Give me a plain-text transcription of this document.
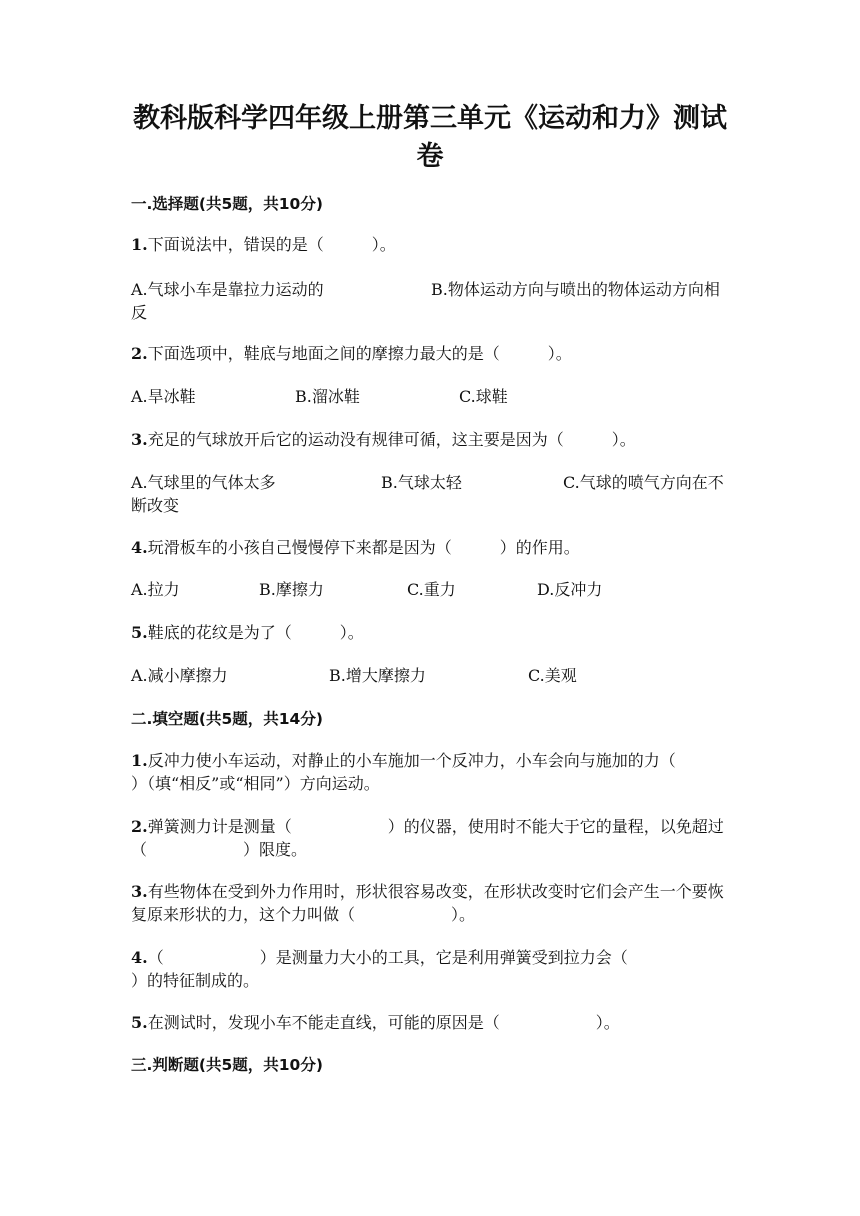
教科版科学四年级上册第三单元《运动和力》测试卷
一.选择题(共5题，共10分)
1.下面说法中，错误的是（　　　）。
A.气球小车是靠拉力运动的	B.物体运动方向与喷出的物体运动方向相反
2.下面选项中，鞋底与地面之间的摩擦力最大的是（　　　）。
A.旱冰鞋	B.溜冰鞋	C.球鞋
3.充足的气球放开后它的运动没有规律可循，这主要是因为（　　　）。
A.气球里的气体太多	B.气球太轻	C.气球的喷气方向在不断改变
4.玩滑板车的小孩自己慢慢停下来都是因为（　　　）的作用。
A.拉力	B.摩擦力	C.重力	D.反冲力
5.鞋底的花纹是为了（　　　）。
A.减小摩擦力	B.增大摩擦力	C.美观
二.填空题(共5题，共14分)
1.反冲力使小车运动，对静止的小车施加一个反冲力，小车会向与施加的力（　　　　　　）（填“相反”或“相同”）方向运动。
2.弹簧测力计是测量（　　　　　　）的仪器，使用时不能大于它的量程，以免超过（　　　　　　）限度。
3.有些物体在受到外力作用时，形状很容易改变，在形状改变时它们会产生一个要恢复原来形状的力，这个力叫做（　　　　　　）。
4.（　　　　　　）是测量力大小的工具，它是利用弹簧受到拉力会（　　　　　　）的特征制成的。
5.在测试时，发现小车不能走直线，可能的原因是（　　　　　　）。
三.判断题(共5题，共10分)
